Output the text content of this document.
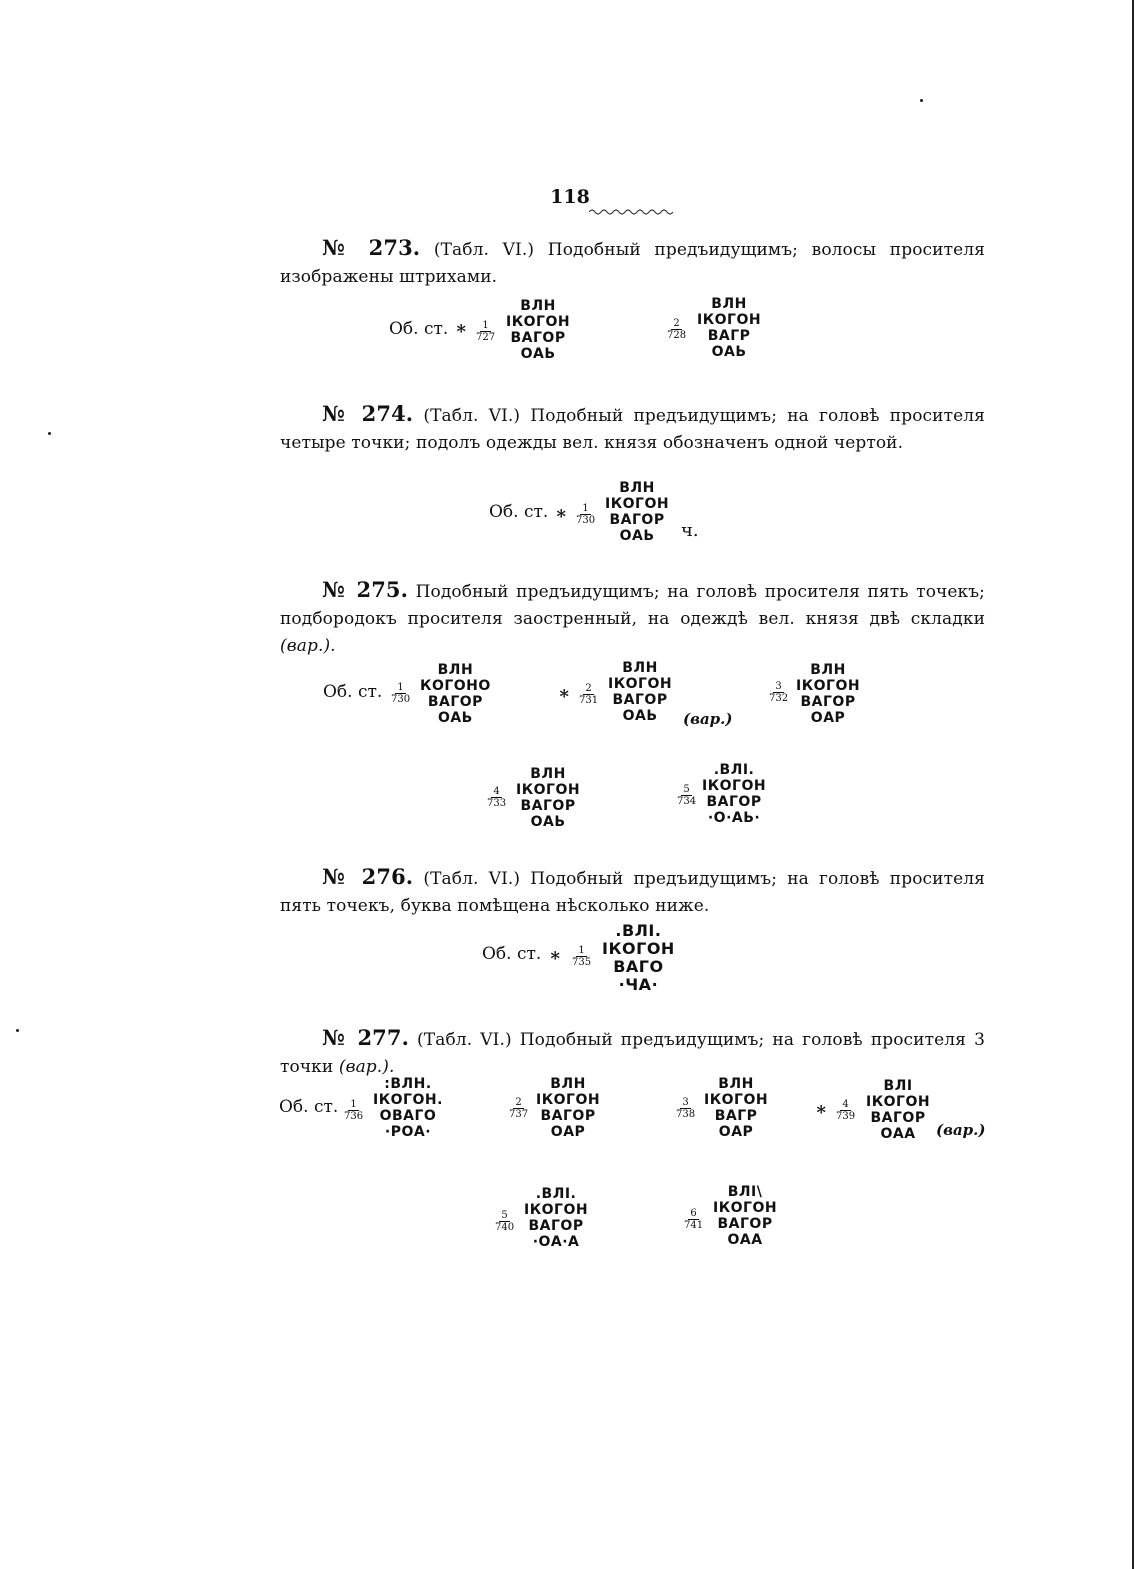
118
№ 273. (Табл. VI.) Подобный предъидущимъ; волосы просителя изображены штрихами.
Об. ст. ∗ $\frac{1}{727}$
ВЛН
ІКОГОН
ВАГОР
ОАЬ
$\frac{2}{728}$
ВЛН
ІКОГОН
ВАГР
ОАЬ
№ 274. (Табл. VI.) Подобный предъидущимъ; на головѣ просителя четыре точки; подолъ одежды вел. князя обозначенъ одной чертой.
Об. ст. ∗ $\frac{1}{730}$
ВЛН
ІКОГОН
ВАГОР
ОАЬ	ч.
№ 275. Подобный предъидущимъ; на головѣ просителя пять точекъ; подбородокъ просителя заостренный, на одеждѣ вел. князя двѣ складки (вар.).
Об. ст. $\frac{1}{730}$
ВЛН
КОГОНО
ВАГОР
ОАЬ
∗ $\frac{2}{731}$
ВЛН
ІКОГОН
ВАГОР
ОАЬ	(вар.)
$\frac{3}{732}$
ВЛН
ІКОГОН
ВАГОР
ОАР
$\frac{4}{733}$
ВЛН
ІКОГОН
ВАГОР
ОАЬ
$\frac{5}{734}$
.ВЛІ.
ІКОГОН
ВАГОР
·О·АЬ·
№ 276. (Табл. VI.) Подобный предъидущимъ; на головѣ просителя пять точекъ, буква помѣщена нѣсколько ниже.
Об. ст. ∗ $\frac{1}{735}$
.ВЛІ.
ІКОГОН
ВАГО
·ЧА·
№ 277. (Табл. VI.) Подобный предъидущимъ; на головѣ просителя 3 точки (вар.).
Об. ст. $\frac{1}{736}$
:ВЛН.
ІКОГОН.
ОВАГО
·РОА·
$\frac{2}{737}$
ВЛН
ІКОГОН
ВАГОР
ОАР
$\frac{3}{738}$
ВЛН
ІКОГОН
ВАГР
ОАР
∗ $\frac{4}{739}$
ВЛІ
ІКОГОН
ВАГОР
ОАА	(вар.)
$\frac{5}{740}$
.ВЛІ.
ІКОГОН
ВАГОР
·ОА·А
$\frac{6}{741}$
ВЛІ\
ІКОГОН
ВАГОР
ОАА
